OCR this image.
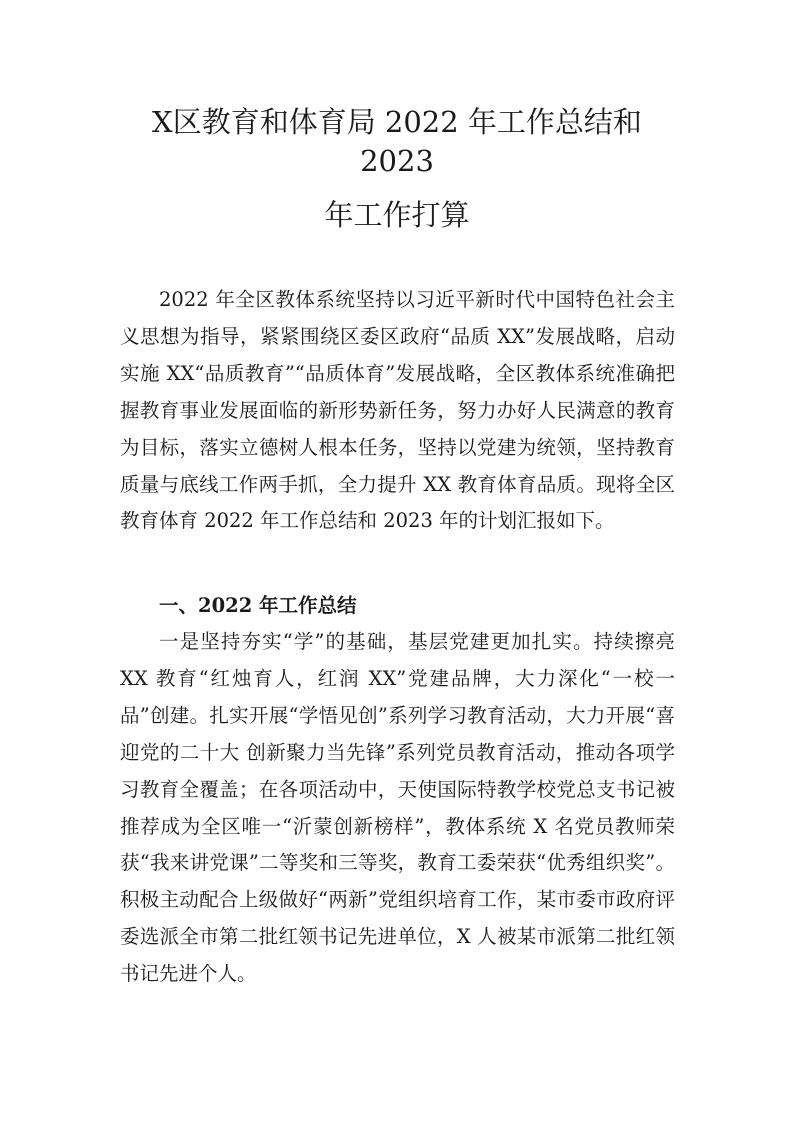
X区教育和体育局 2022 年工作总结和
2023
年工作打算

2022 年全区教体系统坚持以习近平新时代中国特色社会主义思想为指导，紧紧围绕区委区政府“品质 XX”发展战略，启动实施 XX“品质教育”“品质体育”发展战略，全区教体系统准确把握教育事业发展面临的新形势新任务，努力办好人民满意的教育为目标，落实立德树人根本任务，坚持以党建为统领，坚持教育质量与底线工作两手抓，全力提升 XX 教育体育品质。现将全区教育体育 2022 年工作总结和 2023 年的计划汇报如下。

一、2022 年工作总结

一是坚持夯实“学”的基础，基层党建更加扎实。持续擦亮 XX 教育“红烛育人，红润 XX”党建品牌，大力深化“一校一品”创建。扎实开展“学悟见创”系列学习教育活动，大力开展“喜迎党的二十大 创新聚力当先锋”系列党员教育活动，推动各项学习教育全覆盖；在各项活动中，天使国际特教学校党总支书记被推荐成为全区唯一“沂蒙创新榜样”，教体系统 X 名党员教师荣获“我来讲党课”二等奖和三等奖，教育工委荣获“优秀组织奖”。积极主动配合上级做好“两新”党组织培育工作，某市委市政府评委选派全市第二批红领书记先进单位，X 人被某市派第二批红领书记先进个人。
